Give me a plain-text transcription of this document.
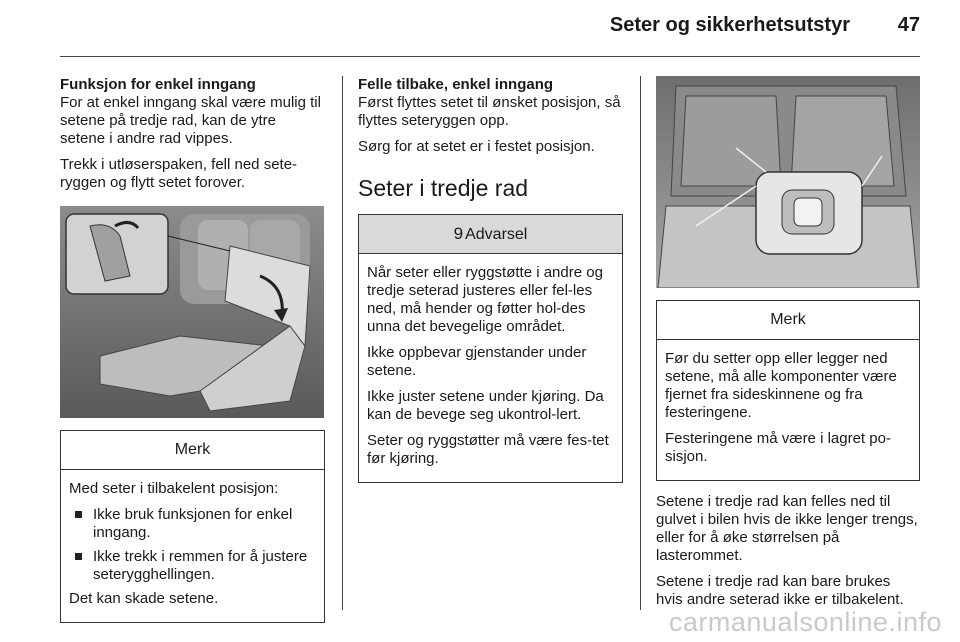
Seter og sikkerhetsutstyr	47
Funksjon for enkel inngang

For at enkel inngang skal være mulig til setene på tredje rad, kan de ytre setene i andre rad vippes.

Trekk i utløserspaken, fell ned sete-ryggen og flytt setet forover.

Merk

Med seter i tilbakelent posisjon:

Ikke bruk funksjonen for enkel inngang.
Ikke trekk i remmen for å justere seterygghellingen.

Det kan skade setene.

Felle tilbake, enkel inngang

Først flyttes setet til ønsket posisjon, så flyttes seteryggen opp.

Sørg for at setet er i festet posisjon.

Seter i tredje rad
9 Advarsel

Når seter eller ryggstøtte i andre og tredje seterad justeres eller fel-les ned, må hender og føtter hol-des unna det bevegelige området.

Ikke oppbevar gjenstander under setene.

Ikke juster setene under kjøring. Da kan de bevege seg ukontrol-lert.

Seter og ryggstøtter må være fes-tet før kjøring.

Merk

Før du setter opp eller legger ned setene, må alle komponenter være fjernet fra sideskinnene og fra festeringene.

Festeringene må være i lagret po-sisjon.

Setene i tredje rad kan felles ned til gulvet i bilen hvis de ikke lenger trengs, eller for å øke størrelsen på lasterommet.

Setene i tredje rad kan bare brukes hvis andre seterad ikke er tilbakelent.

carmanualsonline.info
